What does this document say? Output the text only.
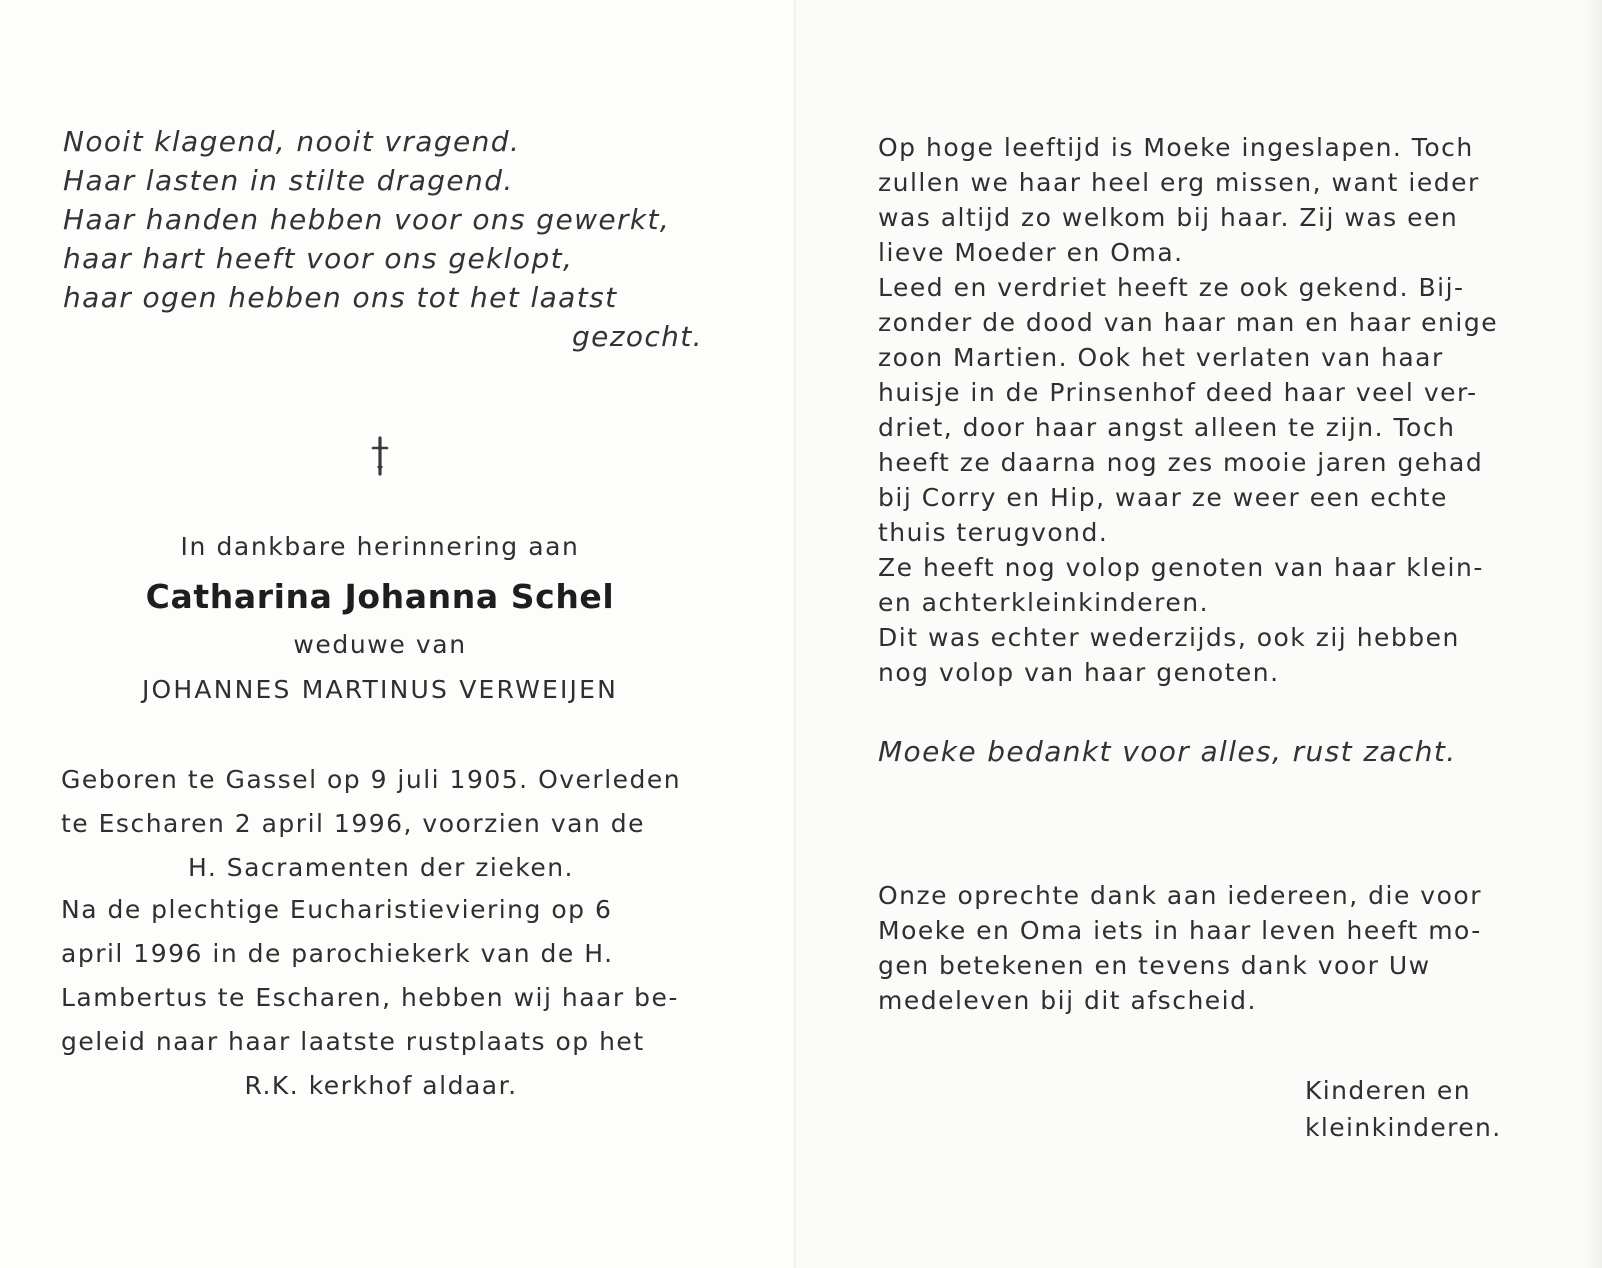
Nooit klagend, nooit vragend.
Haar lasten in stilte dragend.
Haar handen hebben voor ons gewerkt,
haar hart heeft voor ons geklopt,
haar ogen hebben ons tot het laatst
gezocht.
In dankbare herinnering aan
Catharina Johanna Schel
weduwe van
JOHANNES MARTINUS VERWEIJEN
Geboren te Gassel op 9 juli 1905. Overleden
te Escharen 2 april 1996, voorzien van de
H. Sacramenten der zieken.
Na de plechtige Eucharistieviering op 6
april 1996 in de parochiekerk van de H.
Lambertus te Escharen, hebben wij haar be-
geleid naar haar laatste rustplaats op het
R.K. kerkhof aldaar.
Op hoge leeftijd is Moeke ingeslapen. Toch
zullen we haar heel erg missen, want ieder
was altijd zo welkom bij haar. Zij was een
lieve Moeder en Oma.
Leed en verdriet heeft ze ook gekend. Bij-
zonder de dood van haar man en haar enige
zoon Martien. Ook het verlaten van haar
huisje in de Prinsenhof deed haar veel ver-
driet, door haar angst alleen te zijn. Toch
heeft ze daarna nog zes mooie jaren gehad
bij Corry en Hip, waar ze weer een echte
thuis terugvond.
Ze heeft nog volop genoten van haar klein-
en achterkleinkinderen.
Dit was echter wederzijds, ook zij hebben
nog volop van haar genoten.
Moeke bedankt voor alles, rust zacht.
Onze oprechte dank aan iedereen, die voor
Moeke en Oma iets in haar leven heeft mo-
gen betekenen en tevens dank voor Uw
medeleven bij dit afscheid.
Kinderen en
kleinkinderen.
